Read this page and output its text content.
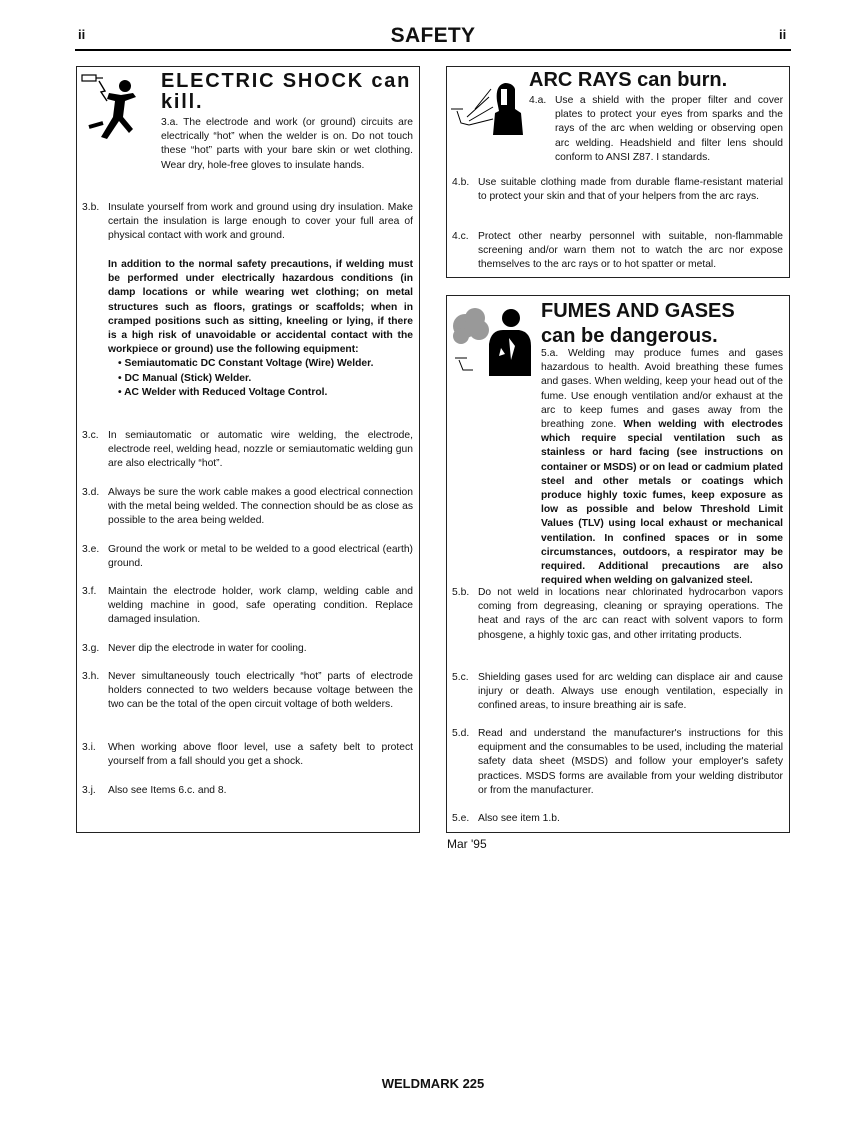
ii	SAFETY	ii
ELECTRIC SHOCK can
kill.

3.a. The electrode and work (or ground) circuits are electrically “hot” when the welder is on. Do not touch these “hot” parts with your bare skin or wet clothing. Wear dry, hole-free gloves to insulate hands.

3.b. Insulate yourself from work and ground using dry insulation. Make certain the insulation is large enough to cover your full area of physical contact with work and ground.

In addition to the normal safety precautions, if welding must be performed under electrically hazardous conditions (in damp locations or while wearing wet clothing; on metal structures such as floors, gratings or scaffolds; when in cramped positions such as sitting, kneeling or lying, if there is a high risk of unavoidable or accidental contact with the workpiece or ground) use the following equipment:
• Semiautomatic DC Constant Voltage (Wire) Welder.
• DC Manual (Stick) Welder.
• AC Welder with Reduced Voltage Control.

3.c. In semiautomatic or automatic wire welding, the electrode, electrode reel, welding head, nozzle or semiautomatic welding gun are also electrically “hot”.

3.d. Always be sure the work cable makes a good electrical connection with the metal being welded. The connection should be as close as possible to the area being welded.

3.e. Ground the work or metal to be welded to a good electrical (earth) ground.

3.f. Maintain the electrode holder, work clamp, welding cable and welding machine in good, safe operating condition. Replace damaged insulation.

3.g. Never dip the electrode in water for cooling.

3.h. Never simultaneously touch electrically “hot” parts of electrode holders connected to two welders because voltage between the two can be the total of the open circuit voltage of both welders.

3.i. When working above floor level, use a safety belt to protect yourself from a fall should you get a shock.

3.j. Also see Items 6.c. and 8.

ARC RAYS can burn.

4.a. Use a shield with the proper filter and cover plates to protect your eyes from sparks and the rays of the arc when welding or observing open arc welding. Headshield and filter lens should conform to ANSI Z87. I standards.

4.b. Use suitable clothing made from durable flame-resistant material to protect your skin and that of your helpers from the arc rays.

4.c. Protect other nearby personnel with suitable, non-flammable screening and/or warn them not to watch the arc nor expose themselves to the arc rays or to hot spatter or metal.

FUMES AND GASES
can be dangerous.

5.a. Welding may produce fumes and gases hazardous to health. Avoid breathing these fumes and gases. When welding, keep your head out of the fume. Use enough ventilation and/or exhaust at the arc to keep fumes and gases away from the breathing zone. When welding with electrodes which require special ventilation such as stainless or hard facing (see instructions on container or MSDS) or on lead or cadmium plated steel and other metals or coatings which produce highly toxic fumes, keep exposure as low as possible and below Threshold Limit Values (TLV) using local exhaust or mechanical ventilation. In confined spaces or in some circumstances, outdoors, a respirator may be required. Additional precautions are also required when welding on galvanized steel.

5.b. Do not weld in locations near chlorinated hydrocarbon vapors coming from degreasing, cleaning or spraying operations. The heat and rays of the arc can react with solvent vapors to form phosgene, a highly toxic gas, and other irritating products.

5.c. Shielding gases used for arc welding can displace air and cause injury or death. Always use enough ventilation, especially in confined areas, to insure breathing air is safe.

5.d. Read and understand the manufacturer's instructions for this equipment and the consumables to be used, including the material safety data sheet (MSDS) and follow your employer's safety practices. MSDS forms are available from your welding distributor or from the manufacturer.

5.e. Also see item 1.b.

Mar '95
WELDMARK 225
